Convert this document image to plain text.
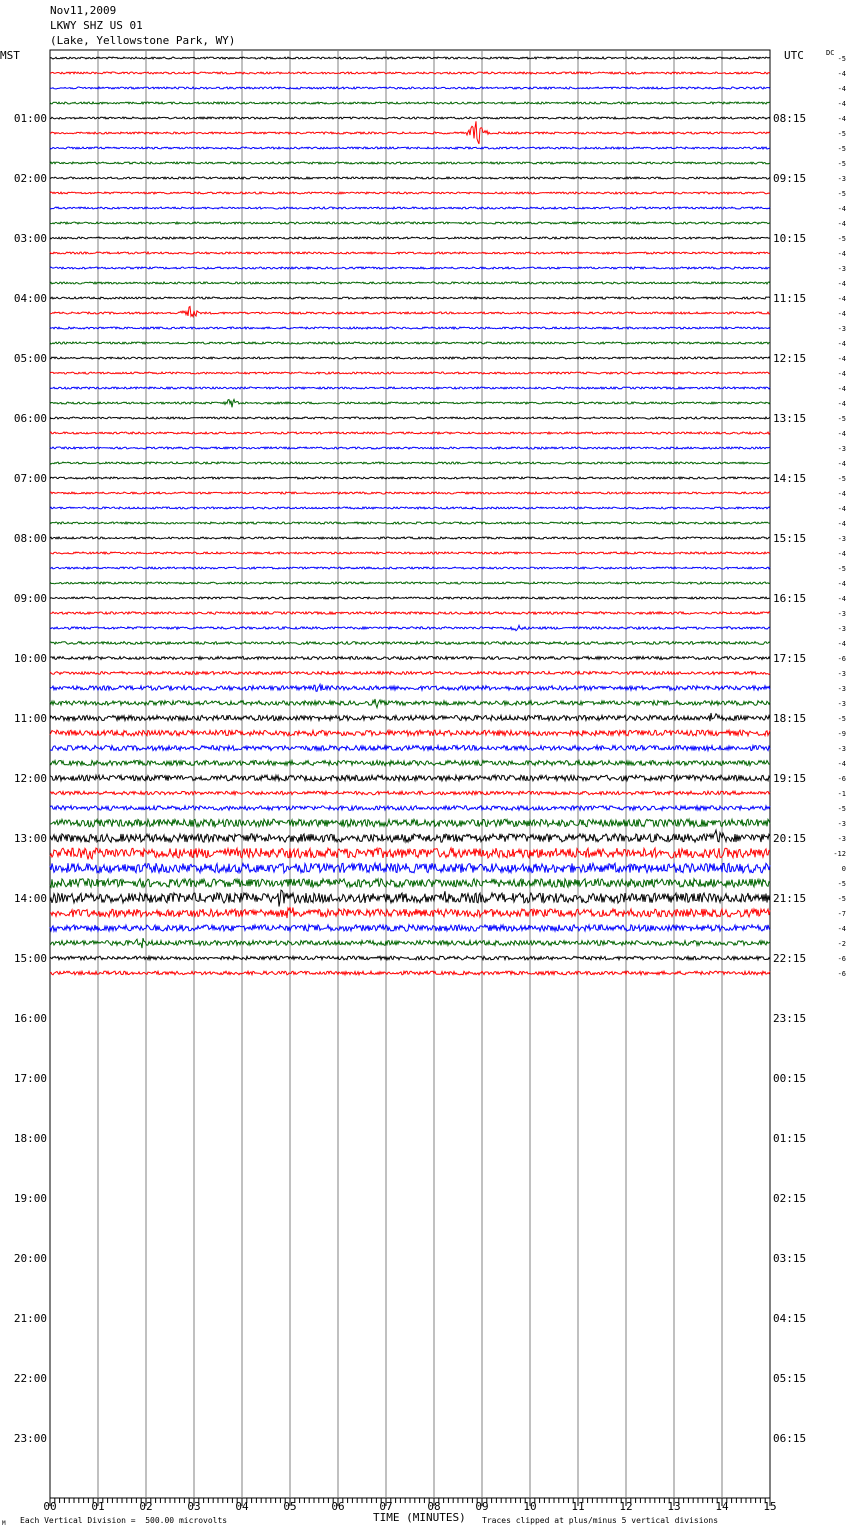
Nov11,2009
LKWY SHZ US 01
(Lake, Yellowstone Park, WY)
MST	UTC	DC
00	01	02	03	04	05	06	07	08	09	10	11	12	13	14	15
01:00
02:00
03:00
04:00
05:00
06:00
07:00
08:00
09:00
10:00
11:00
12:00
13:00
14:00
15:00
16:00
17:00
18:00
19:00
20:00
21:00
22:00
23:00
08:15
09:15
10:15
11:15
12:15
13:15
14:15
15:15
16:15
17:15
18:15
19:15
20:15
21:15
22:15
23:15
00:15
01:15
02:15
03:15
04:15
05:15
06:15
-5
-4
-4
-4
-4
-5
-5
-5
-3
-5
-4
-4
-5
-4
-3
-4
-4
-4
-3
-4
-4
-4
-4
-4
-5
-4
-3
-4
-5
-4
-4
-4
-3
-4
-5
-4
-4
-3
-3
-4
-6
-3
-3
-3
-5
-9
-3
-4
-6
-1
-5
-3
-3
-12
0
-5
-5
-7
-4
-2
-6
-6
Each Vertical Division =  500.00 microvolts	TIME (MINUTES) Traces clipped at plus/minus 5 vertical divisions
M
